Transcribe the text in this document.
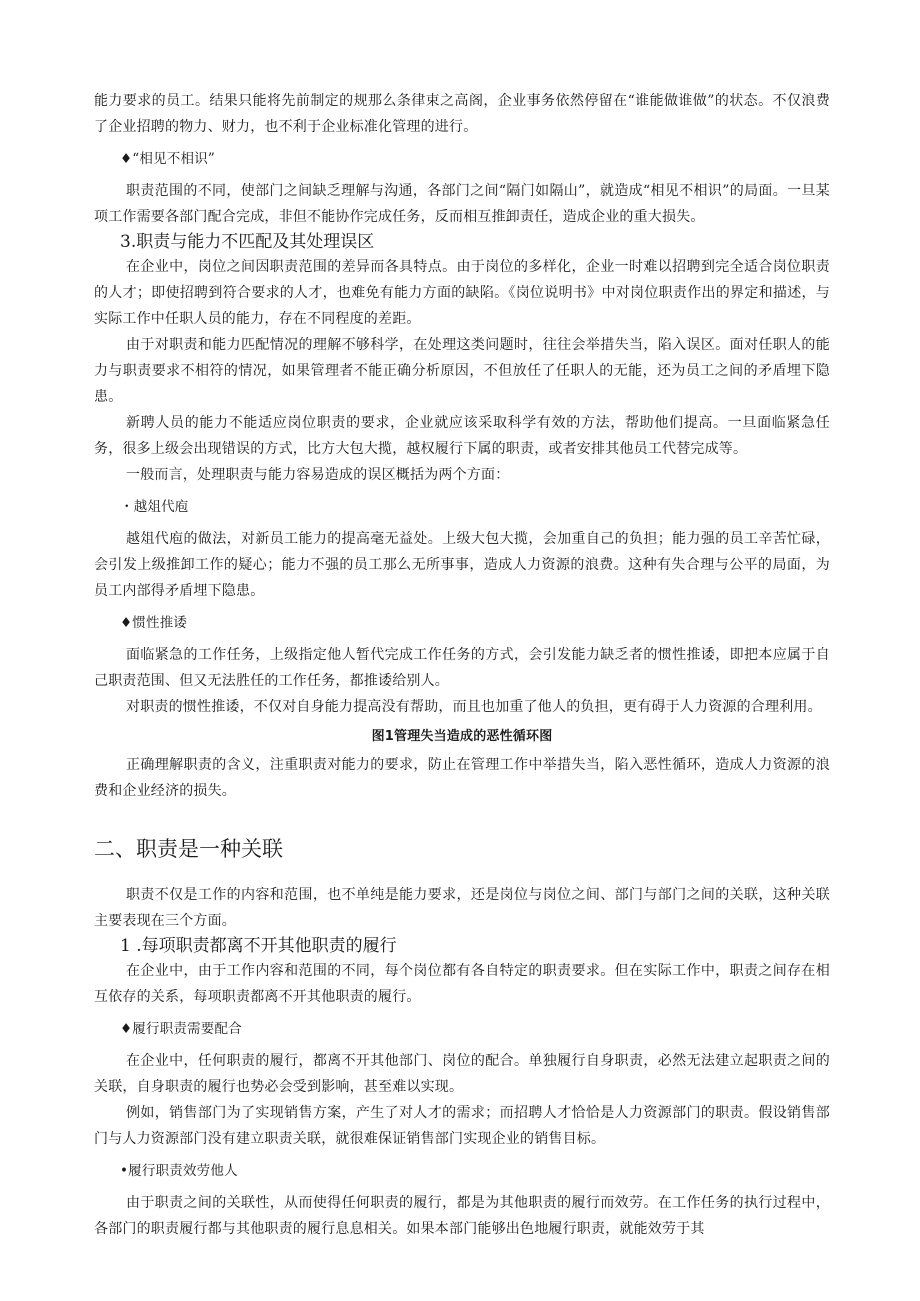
能力要求的员工。结果只能将先前制定的规那么条律束之高阁，企业事务依然停留在“谁能做谁做”的状态。不仅浪费了企业招聘的物力、财力，也不利于企业标准化管理的进行。

♦“相见不相识”

职责范围的不同，使部门之间缺乏理解与沟通，各部门之间“隔门如隔山”，就造成“相见不相识”的局面。一旦某项工作需要各部门配合完成，非但不能协作完成任务，反而相互推卸责任，造成企业的重大损失。

3.职责与能力不匹配及其处理误区

在企业中，岗位之间因职责范围的差异而各具特点。由于岗位的多样化，企业一时难以招聘到完全适合岗位职责的人才；即使招聘到符合要求的人才，也难免有能力方面的缺陷。《岗位说明书》中对岗位职责作出的界定和描述，与实际工作中任职人员的能力，存在不同程度的差距。

由于对职责和能力匹配情况的理解不够科学，在处理这类问题时，往往会举措失当，陷入误区。面对任职人的能力与职责要求不相符的情况，如果管理者不能正确分析原因，不但放任了任职人的无能，还为员工之间的矛盾埋下隐患。

新聘人员的能力不能适应岗位职责的要求，企业就应该采取科学有效的方法，帮助他们提高。一旦面临紧急任务，很多上级会出现错误的方式，比方大包大揽，越权履行下属的职责，或者安排其他员工代替完成等。

一般而言，处理职责与能力容易造成的误区概括为两个方面：

・越俎代庖

越俎代庖的做法，对新员工能力的提高毫无益处。上级大包大揽，会加重自己的负担；能力强的员工辛苦忙碌，会引发上级推卸工作的疑心；能力不强的员工那么无所事事，造成人力资源的浪费。这种有失合理与公平的局面，为员工内部得矛盾埋下隐患。

♦惯性推诿

面临紧急的工作任务，上级指定他人暂代完成工作任务的方式，会引发能力缺乏者的惯性推诿，即把本应属于自己职责范围、但又无法胜任的工作任务，都推诿给别人。

对职责的惯性推诿，不仅对自身能力提高没有帮助，而且也加重了他人的负担，更有碍于人力资源的合理利用。

图1管理失当造成的恶性循环图

正确理解职责的含义，注重职责对能力的要求，防止在管理工作中举措失当，陷入恶性循环，造成人力资源的浪费和企业经济的损失。

二、职责是一种关联

职责不仅是工作的内容和范围，也不单纯是能力要求，还是岗位与岗位之间、部门与部门之间的关联，这种关联主要表现在三个方面。

1 .每项职责都离不开其他职责的履行

在企业中，由于工作内容和范围的不同，每个岗位都有各自特定的职责要求。但在实际工作中，职责之间存在相互依存的关系，每项职责都离不开其他职责的履行。

♦履行职责需要配合

在企业中，任何职责的履行，都离不开其他部门、岗位的配合。单独履行自身职责，必然无法建立起职责之间的关联，自身职责的履行也势必会受到影响，甚至难以实现。

例如，销售部门为了实现销售方案，产生了对人才的需求；而招聘人才恰恰是人力资源部门的职责。假设销售部门与人力资源部门没有建立职责关联，就很难保证销售部门实现企业的销售目标。

•履行职责效劳他人

由于职责之间的关联性，从而使得任何职责的履行，都是为其他职责的履行而效劳。在工作任务的执行过程中，各部门的职责履行都与其他职责的履行息息相关。如果本部门能够出色地履行职责，就能效劳于其
